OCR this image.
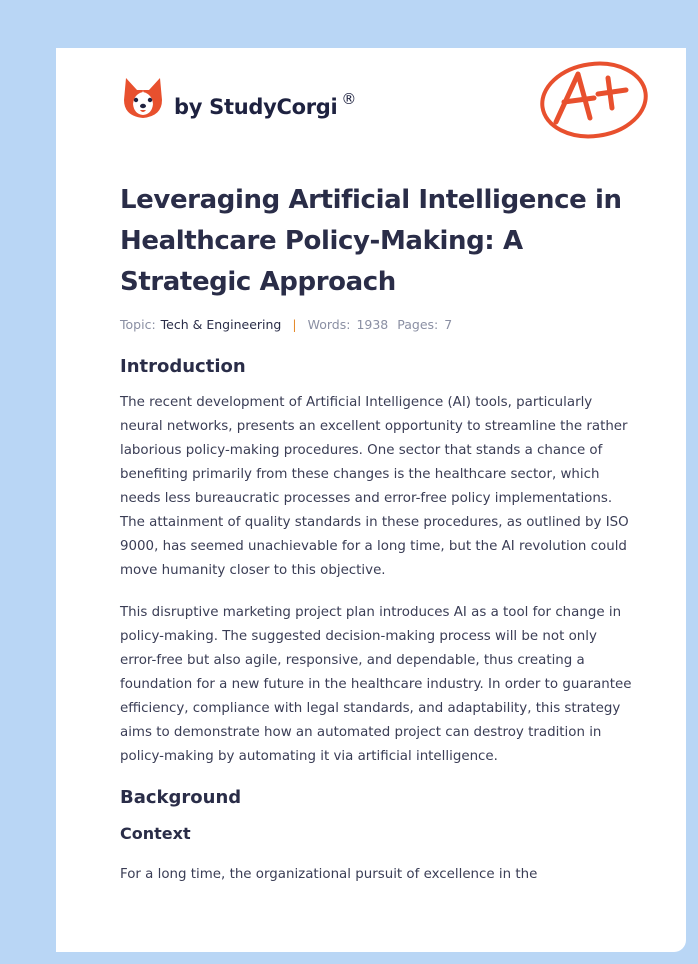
by StudyCorgi ®
Leveraging Artificial Intelligence in Healthcare Policy-Making: A Strategic Approach
Topic: Tech & Engineering | Words: 1938 Pages: 7
Introduction

The recent development of Artificial Intelligence (AI) tools, particularly neural networks, presents an excellent opportunity to streamline the rather laborious policy-making procedures. One sector that stands a chance of benefiting primarily from these changes is the healthcare sector, which needs less bureaucratic processes and error-free policy implementations. The attainment of quality standards in these procedures, as outlined by ISO 9000, has seemed unachievable for a long time, but the AI revolution could move humanity closer to this objective.

This disruptive marketing project plan introduces AI as a tool for change in policy-making. The suggested decision-making process will be not only error-free but also agile, responsive, and dependable, thus creating a foundation for a new future in the healthcare industry. In order to guarantee efficiency, compliance with legal standards, and adaptability, this strategy aims to demonstrate how an automated project can destroy tradition in policy-making by automating it via artificial intelligence.

Background
Context

For a long time, the organizational pursuit of excellence in the
